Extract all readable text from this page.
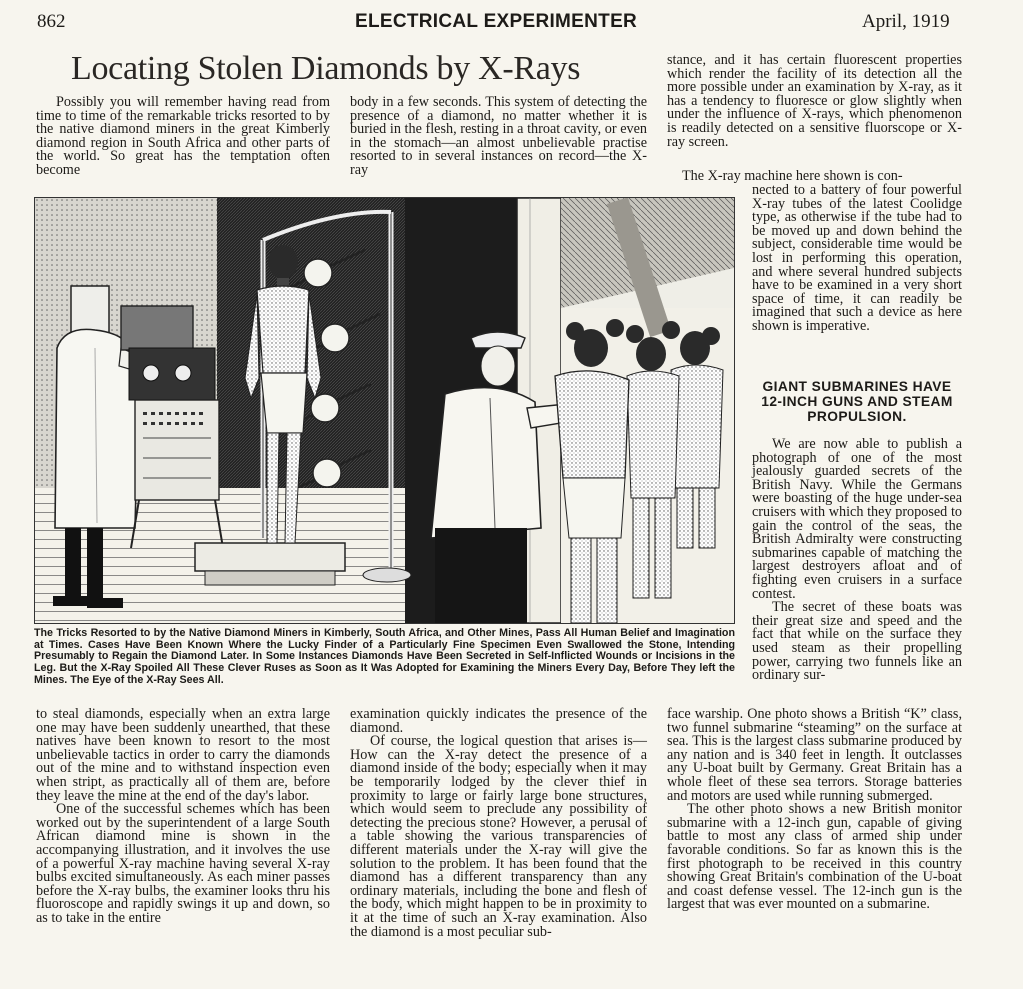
862	ELECTRICAL EXPERIMENTER	April, 1919
Locating Stolen Diamonds by X-Rays
Possibly you will remember having read from time to time of the remarkable tricks resorted to by the native diamond miners in the great Kimberly diamond region in South Africa and other parts of the world. So great has the temptation often become
body in a few seconds. This system of detecting the presence of a diamond, no matter whether it is buried in the flesh, resting in a throat cavity, or even in the stomach—an almost unbelievable practise resorted to in several instances on record—the X-ray
stance, and it has certain fluorescent properties which render the facility of its detection all the more possible under an examination by X-ray, as it has a tendency to fluoresce or glow slightly when under the influence of X-rays, which phenomenon is readily detected on a sensitive fluorscope or X-ray screen.
The X-ray machine here shown is con-
nected to a battery of four powerful X-ray tubes of the latest Coolidge type, as otherwise if the tube had to be moved up and down behind the subject, considerable time would be lost in performing this operation, and where several hundred subjects have to be examined in a very short space of time, it can readily be imagined that such a device as here shown is imperative.
The Tricks Resorted to by the Native Diamond Miners in Kimberly, South Africa, and Other Mines, Pass All Human Belief and Imagination at Times. Cases Have Been Known Where the Lucky Finder of a Particularly Fine Specimen Even Swallowed the Stone, Intending Presumably to Regain the Diamond Later. In Some Instances Diamonds Have Been Secreted in Self-Inflicted Wounds or Incisions in the Leg. But the X-Ray Spoiled All These Clever Ruses as Soon as It Was Adopted for Examining the Miners Every Day, Before They left the Mines. The Eye of the X-Ray Sees All.
GIANT SUBMARINES HAVE 12-INCH GUNS AND STEAM PROPULSION.

We are now able to publish a photograph of one of the most jealously guarded secrets of the British Navy. While the Germans were boasting of the huge under-sea cruisers with which they proposed to gain the control of the seas, the British Admiralty were constructing submarines capable of matching the largest destroyers afloat and of fighting even cruisers in a surface contest.

The secret of these boats was their great size and speed and the fact that while on the surface they used steam as their propelling power, carrying two funnels like an ordinary sur-

face warship. One photo shows a British “K” class, two funnel submarine “steaming” on the surface at sea. This is the largest class submarine produced by any nation and is 340 feet in length. It outclasses any U-boat built by Germany. Great Britain has a whole fleet of these sea terrors. Storage batteries and motors are used while running submerged.

The other photo shows a new British monitor submarine with a 12-inch gun, capable of giving battle to most any class of armed ship under favorable conditions. So far as known this is the first photograph to be received in this country showing Great Britain's combination of the U-boat and coast defense vessel. The 12-inch gun is the largest that was ever mounted on a submarine.

to steal diamonds, especially when an extra large one may have been suddenly unearthed, that these natives have been known to resort to the most unbelievable tactics in order to carry the diamonds out of the mine and to withstand inspection even when stript, as practically all of them are, before they leave the mine at the end of the day's labor.

One of the successful schemes which has been worked out by the superintendent of a large South African diamond mine is shown in the accompanying illustration, and it involves the use of a powerful X-ray machine having several X-ray bulbs excited simultaneously. As each miner passes before the X-ray bulbs, the examiner looks thru his fluoroscope and rapidly swings it up and down, so as to take in the entire

examination quickly indicates the presence of the diamond.

Of course, the logical question that arises is—How can the X-ray detect the presence of a diamond inside of the body; especially when it may be temporarily lodged by the clever thief in proximity to large or fairly large bone structures, which would seem to preclude any possibility of detecting the precious stone? However, a perusal of a table showing the various transparencies of different materials under the X-ray will give the solution to the problem. It has been found that the diamond has a different transparency than any ordinary materials, including the bone and flesh of the body, which might happen to be in proximity to it at the time of such an X-ray examination. Also the diamond is a most peculiar sub-
